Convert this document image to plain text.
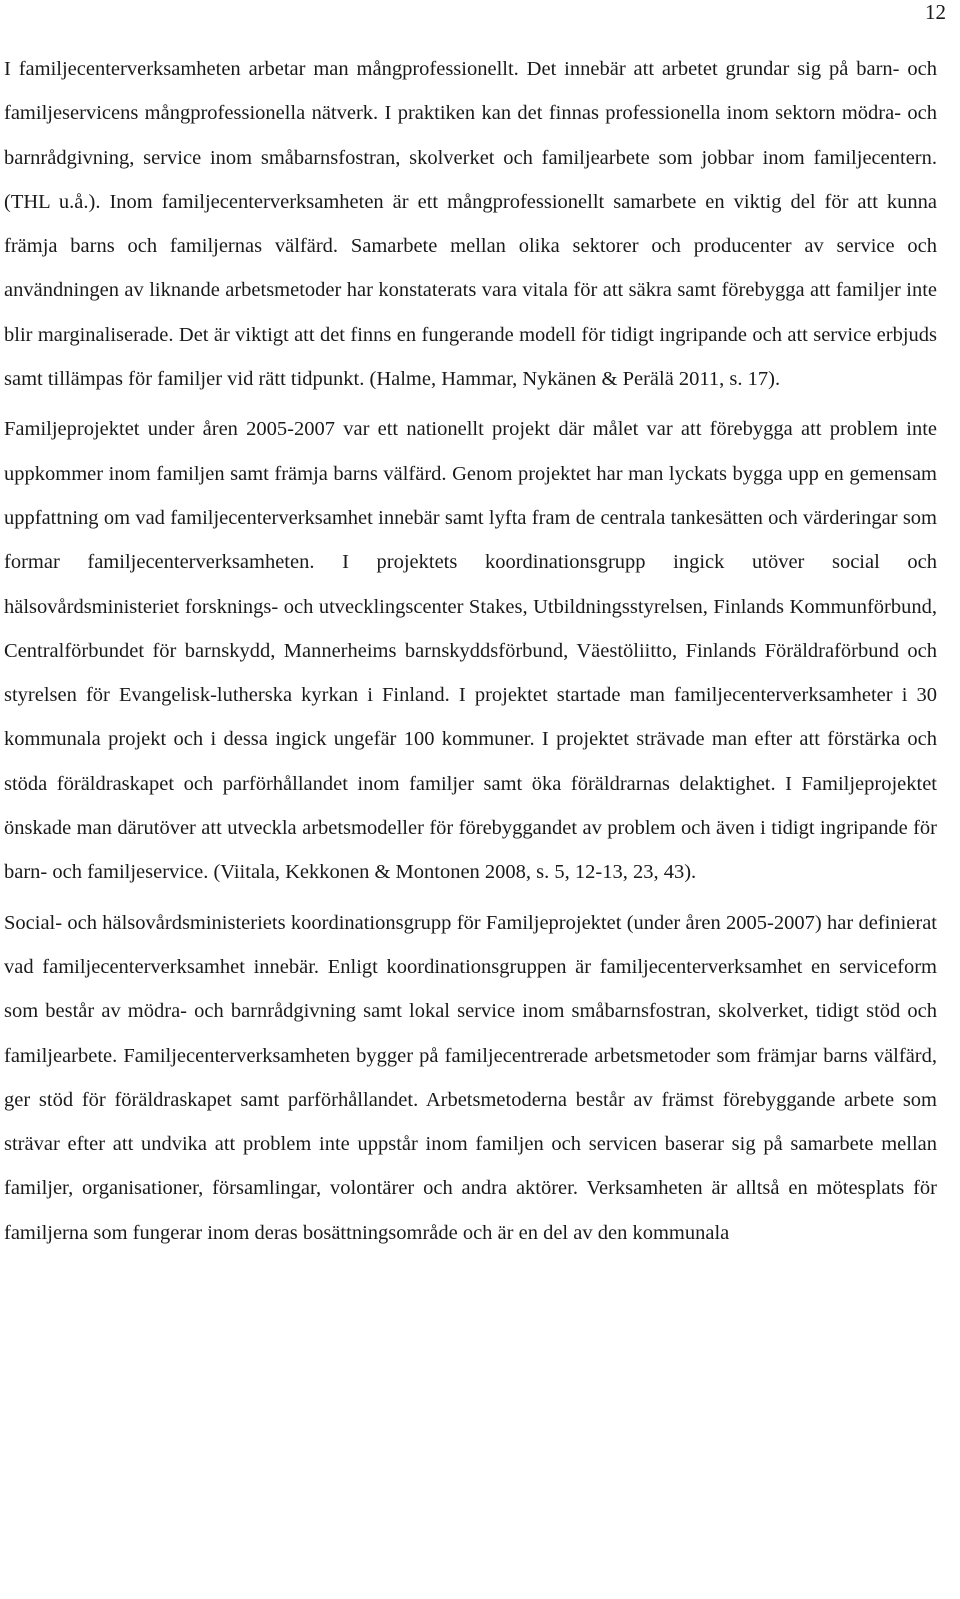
12

I familjecenterverksamheten arbetar man mångprofessionellt. Det innebär att arbetet grundar sig på barn- och familjeservicens mångprofessionella nätverk. I praktiken kan det finnas professionella inom sektorn mödra- och barnrådgivning, service inom småbarnsfostran, skolverket och familjearbete som jobbar inom familjecentern. (THL u.å.). Inom familjecenterverksamheten är ett mångprofessionellt samarbete en viktig del för att kunna främja barns och familjernas välfärd. Samarbete mellan olika sektorer och producenter av service och användningen av liknande arbetsmetoder har konstaterats vara vitala för att säkra samt förebygga att familjer inte blir marginaliserade. Det är viktigt att det finns en fungerande modell för tidigt ingripande och att service erbjuds samt tillämpas för familjer vid rätt tidpunkt. (Halme, Hammar, Nykänen & Perälä 2011, s. 17).

Familjeprojektet under åren 2005-2007 var ett nationellt projekt där målet var att förebygga att problem inte uppkommer inom familjen samt främja barns välfärd. Genom projektet har man lyckats bygga upp en gemensam uppfattning om vad familjecenterverksamhet innebär samt lyfta fram de centrala tankesätten och värderingar som formar familjecenterverksamheten. I projektets koordinationsgrupp ingick utöver social och hälsovårdsministeriet forsknings- och utvecklingscenter Stakes, Utbildningsstyrelsen, Finlands Kommunförbund, Centralförbundet för barnskydd, Mannerheims barnskyddsförbund, Väestöliitto, Finlands Föräldraförbund och styrelsen för Evangelisk-lutherska kyrkan i Finland. I projektet startade man familjecenterverksamheter i 30 kommunala projekt och i dessa ingick ungefär 100 kommuner. I projektet strävade man efter att förstärka och stöda föräldraskapet och parförhållandet inom familjer samt öka föräldrarnas delaktighet. I Familjeprojektet önskade man därutöver att utveckla arbetsmodeller för förebyggandet av problem och även i tidigt ingripande för barn- och familjeservice. (Viitala, Kekkonen & Montonen 2008, s. 5, 12-13, 23, 43).

Social- och hälsovårdsministeriets koordinationsgrupp för Familjeprojektet (under åren 2005-2007) har definierat vad familjecenterverksamhet innebär. Enligt koordinationsgruppen är familjecenterverksamhet en serviceform som består av mödra- och barnrådgivning samt lokal service inom småbarnsfostran, skolverket, tidigt stöd och familjearbete. Familjecenterverksamheten bygger på familjecentrerade arbetsmetoder som främjar barns välfärd, ger stöd för föräldraskapet samt parförhållandet. Arbetsmetoderna består av främst förebyggande arbete som strävar efter att undvika att problem inte uppstår inom familjen och servicen baserar sig på samarbete mellan familjer, organisationer, församlingar, volontärer och andra aktörer. Verksamheten är alltså en mötesplats för familjerna som fungerar inom deras bosättningsområde och är en del av den kommunala
